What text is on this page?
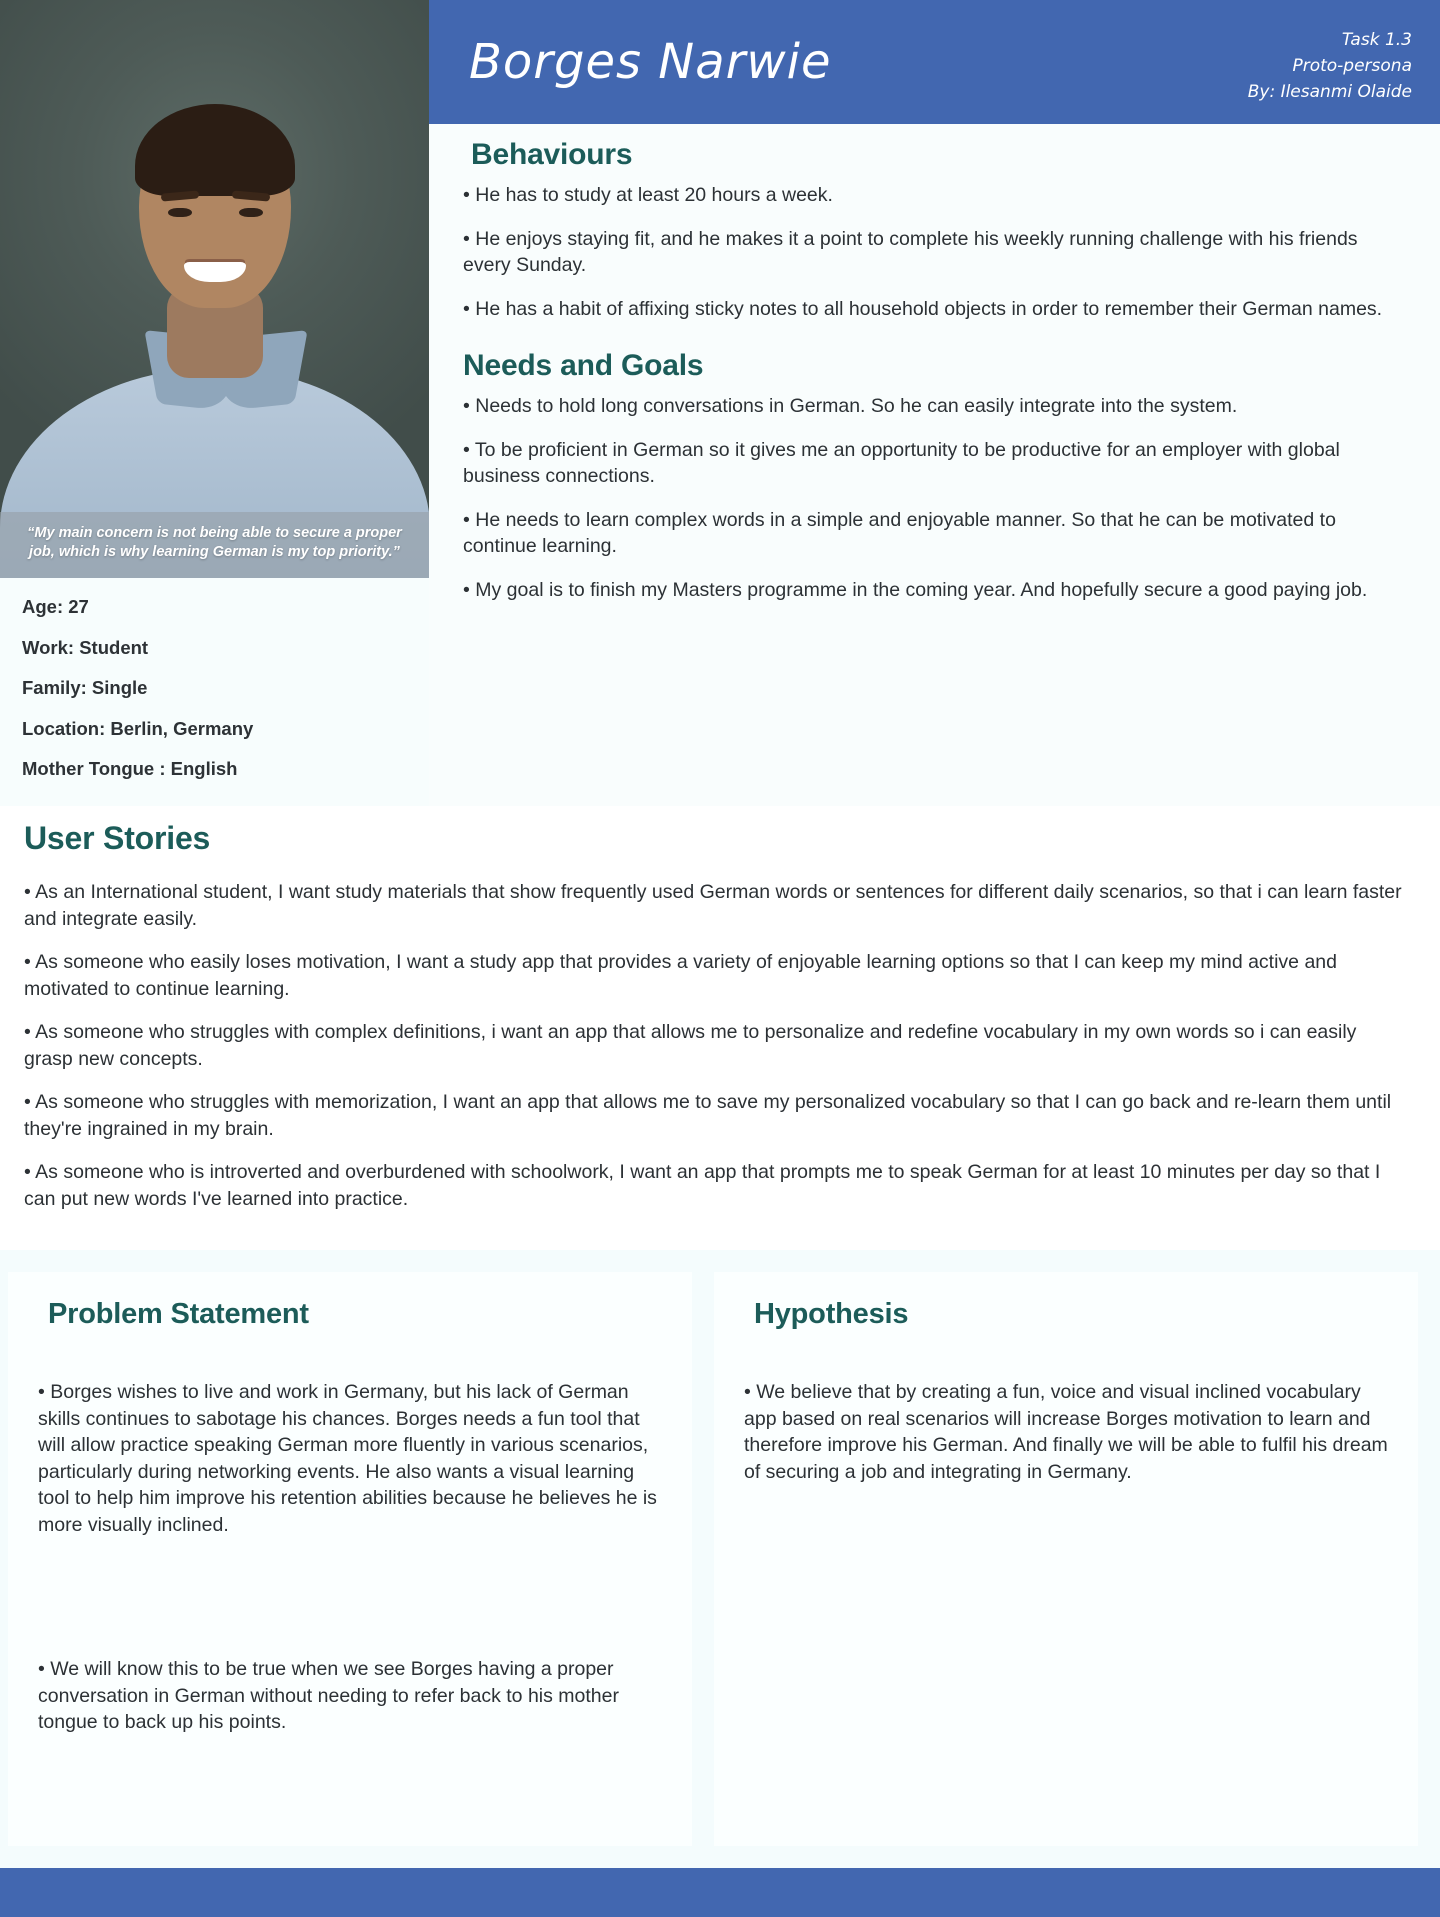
“My main concern is not being able to secure a proper job, which is why learning German is my top priority.”
Age: 27
Work: Student
Family: Single
Location: Berlin, Germany
Mother Tongue : English
Borges Narwie	Task 1.3
Proto-persona
By: Ilesanmi Olaide
Behaviours
• He has to study at least 20 hours a week.
• He enjoys staying fit, and he makes it a point to complete his weekly running challenge with his friends every Sunday.
• He has a habit of affixing sticky notes to all household objects in order to remember their German names.
Needs and Goals
• Needs to hold long conversations in German. So he can easily integrate into the system.
• To be proficient in German so it gives me an opportunity to be productive for an employer with global business connections.
• He needs to learn complex words in a simple and enjoyable manner. So that he can be motivated to continue learning.
• My goal is to finish my Masters programme in the coming year. And hopefully secure a good paying job.
User Stories
• As an International student, I want study materials that show frequently used German words or sentences for different daily scenarios, so that i can learn faster and integrate easily.
• As someone who easily loses motivation, I want a study app that provides a variety of enjoyable learning options so that I can keep my mind active and motivated to continue learning.
• As someone who struggles with complex definitions, i want an app that allows me to personalize and redefine vocabulary in my own words so i can easily grasp new concepts.
• As someone who struggles with memorization, I want an app that allows me to save my personalized vocabulary so that I can go back and re-learn them until they're ingrained in my brain.
• As someone who is introverted and overburdened with schoolwork, I want an app that prompts me to speak German for at least 10 minutes per day so that I can put new words I've learned into practice.
Problem Statement
• Borges wishes to live and work in Germany, but his lack of German skills continues to sabotage his chances. Borges needs a fun tool that will allow practice speaking German more fluently in various scenarios, particularly during networking events. He also wants a visual learning tool to help him improve his retention abilities because he believes he is more visually inclined.
• We will know this to be true when we see Borges having a proper conversation in German without needing to refer back to his mother tongue to back up his points.
Hypothesis
• We believe that by creating a fun, voice and visual inclined vocabulary app based on real scenarios will increase Borges motivation to learn and therefore improve his German. And finally we will be able to fulfil his dream of securing a job and integrating in Germany.
